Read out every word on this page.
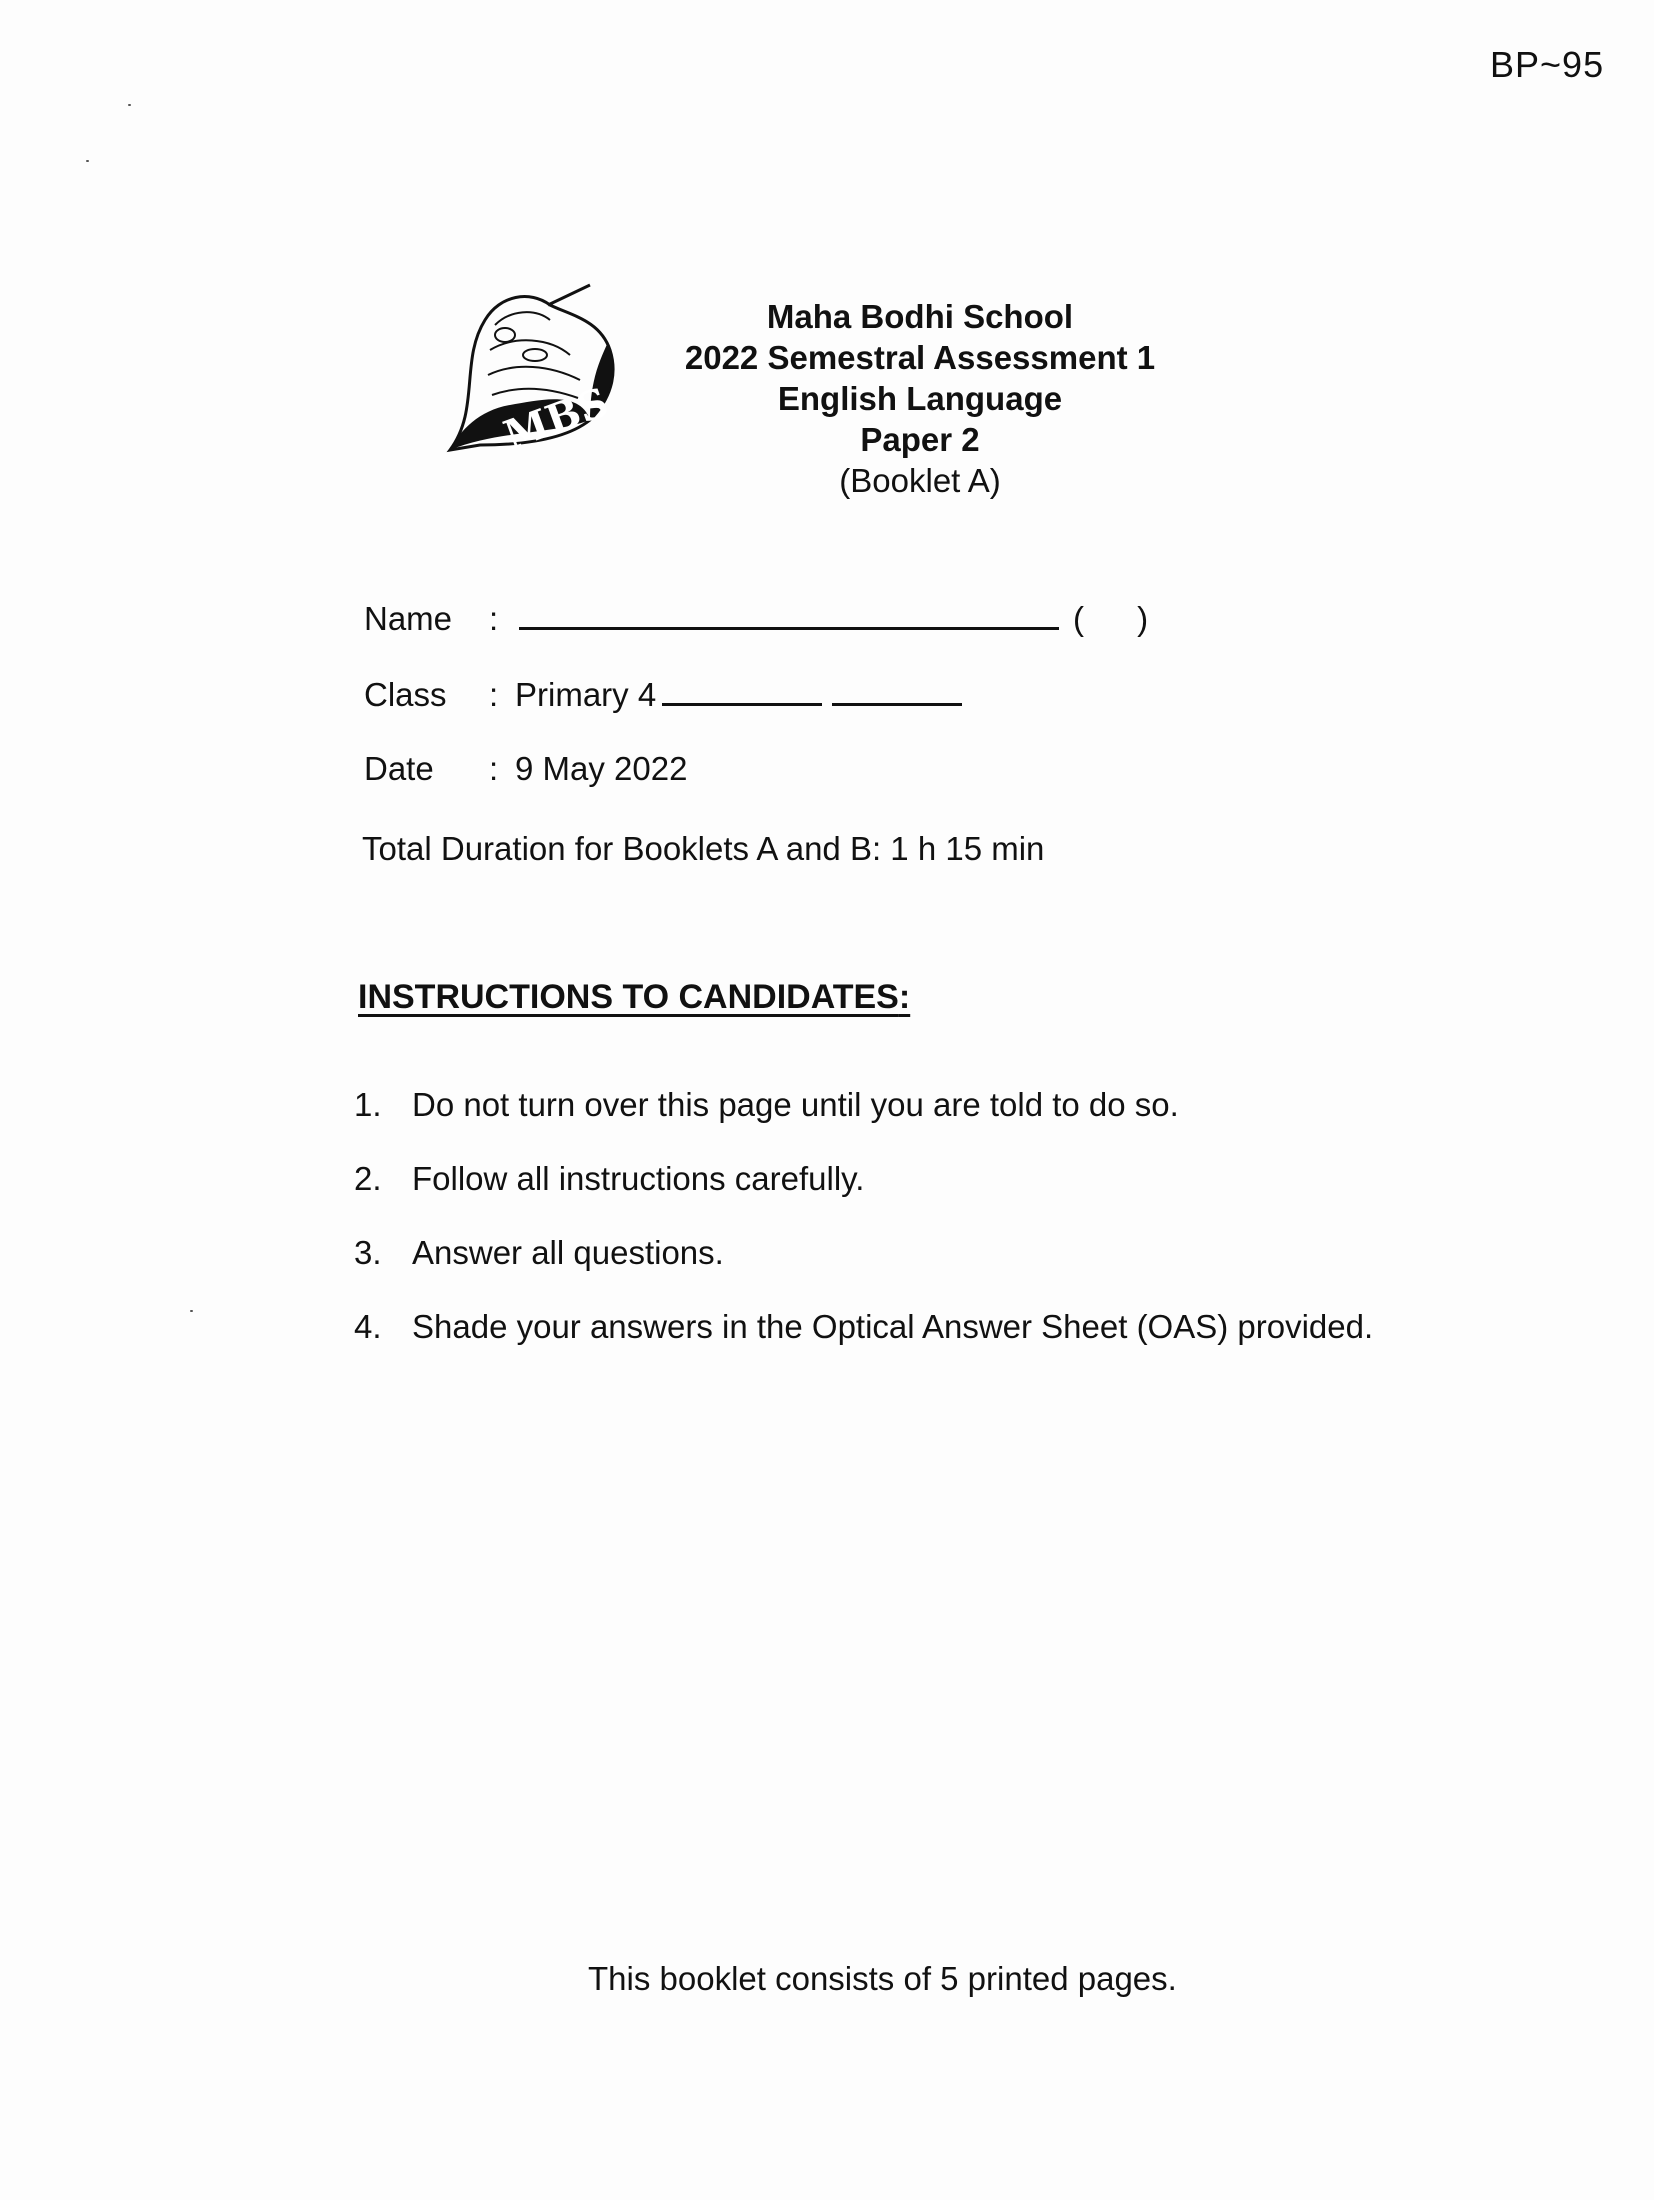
BP~95
MBS
Maha Bodhi School
2022 Semestral Assessment 1
English Language
Paper 2
(Booklet A)
Name :	( )
Class : Primary 4
Date : 9 May 2022
Total Duration for Booklets A and B: 1 h 15 min
INSTRUCTIONS TO CANDIDATES:
1. Do not turn over this page until you are told to do so.
2. Follow all instructions carefully.
3. Answer all questions.
4. Shade your answers in the Optical Answer Sheet (OAS) provided.
This booklet consists of 5 printed pages.
